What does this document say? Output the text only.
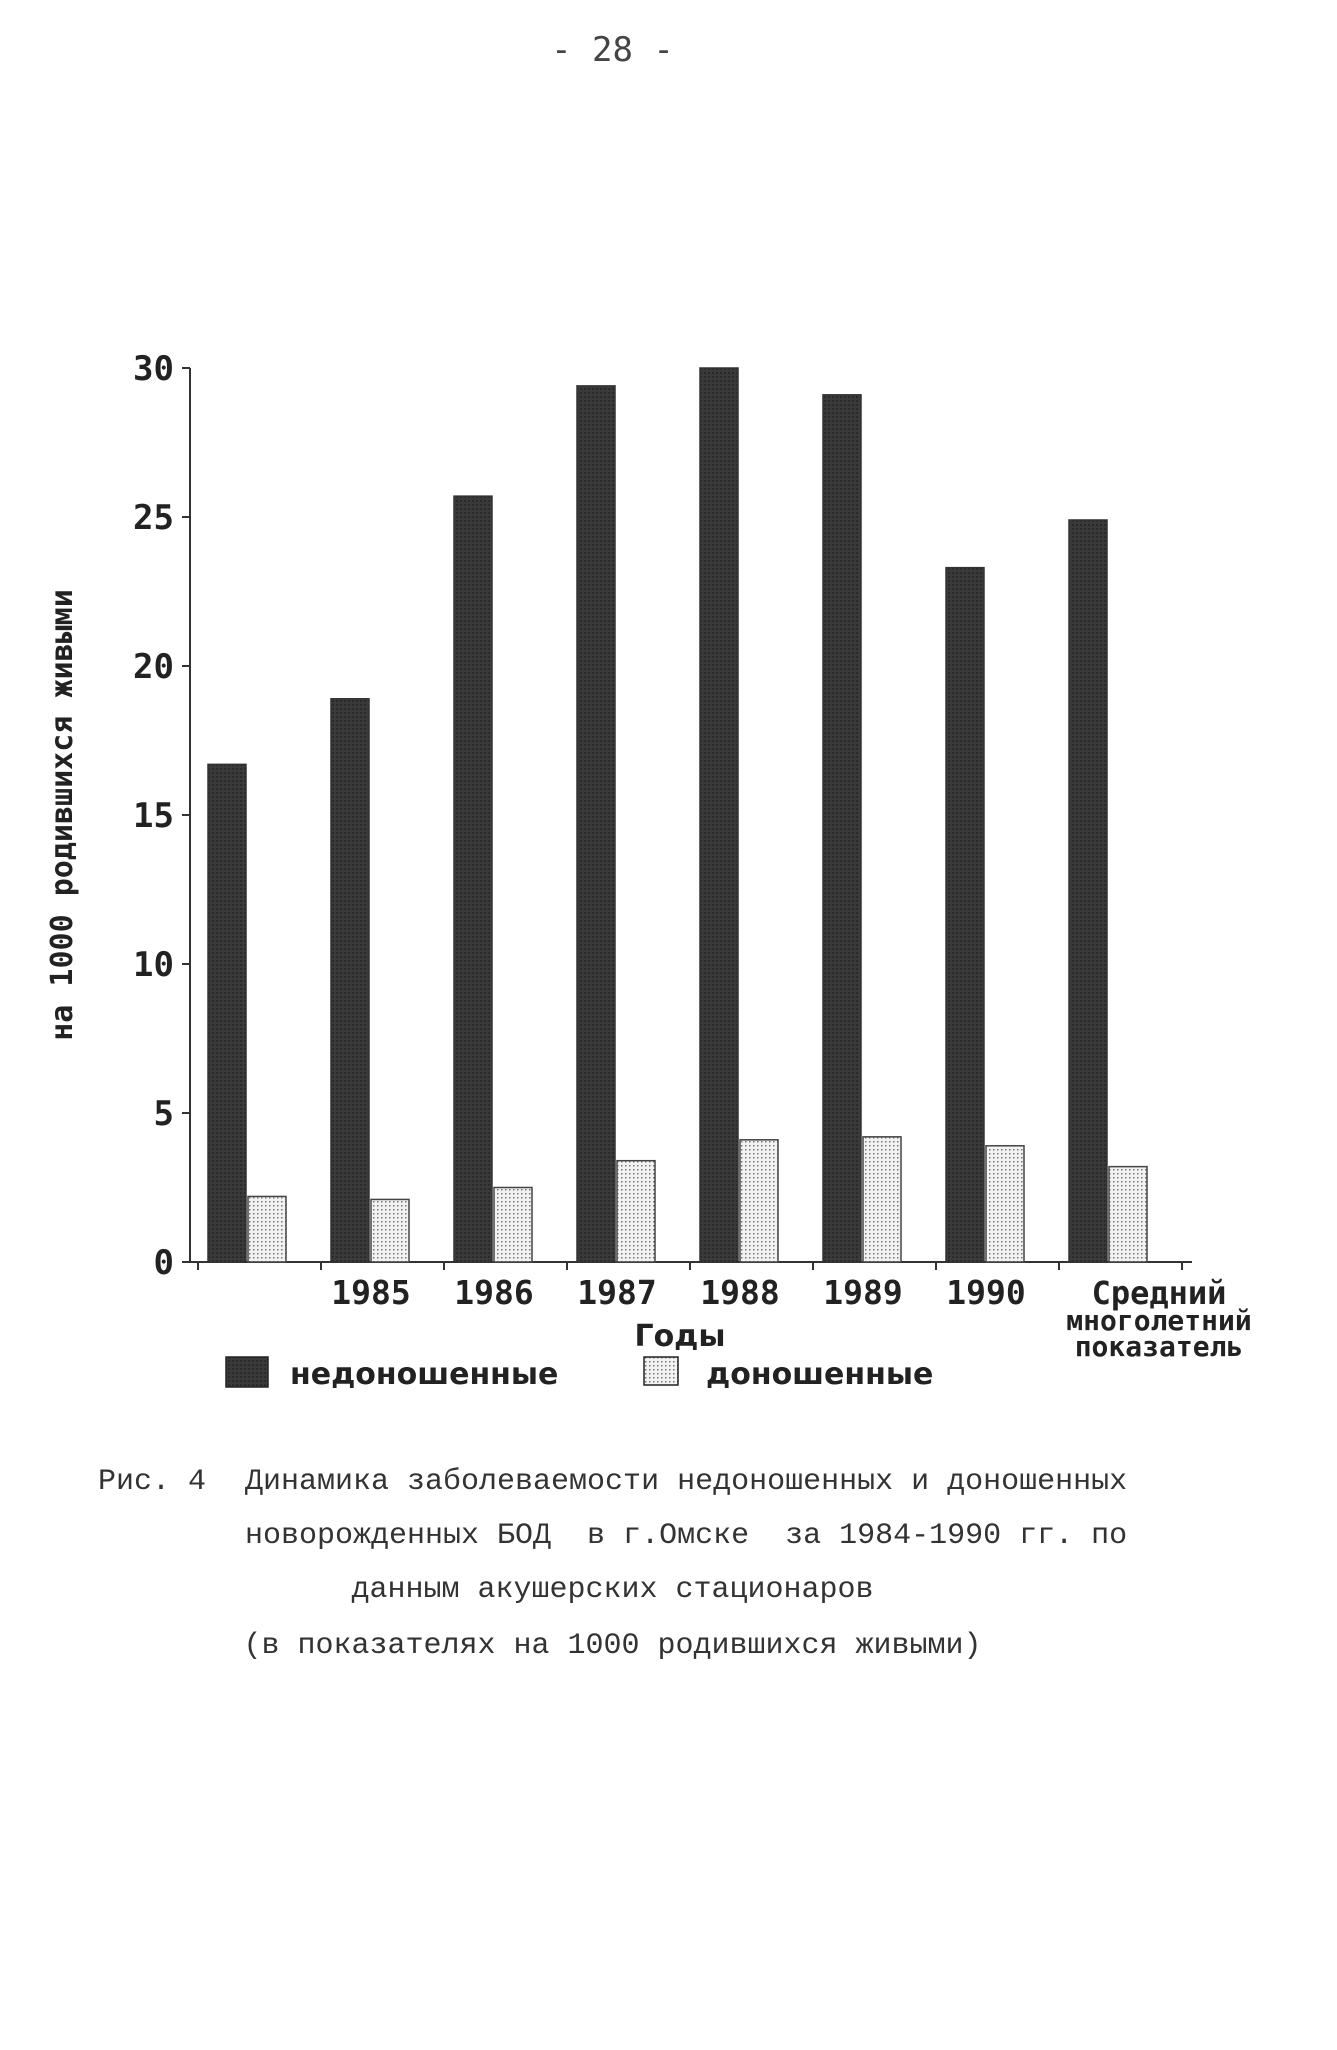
- 28 -
0
5
10
15
20
25
30
1985 1986 1987 1988 1989 1990	Средний многолетний показатель
на 1000 родившихся живыми
Годы
недоношенные	доношенные
Рис. 4 Динамика заболеваемости недоношенных и доношенных
новорожденных БОД  в г.Омске  за 1984-1990 гг. по
данным акушерских стационаров
(в показателях на 1000 родившихся живыми)
